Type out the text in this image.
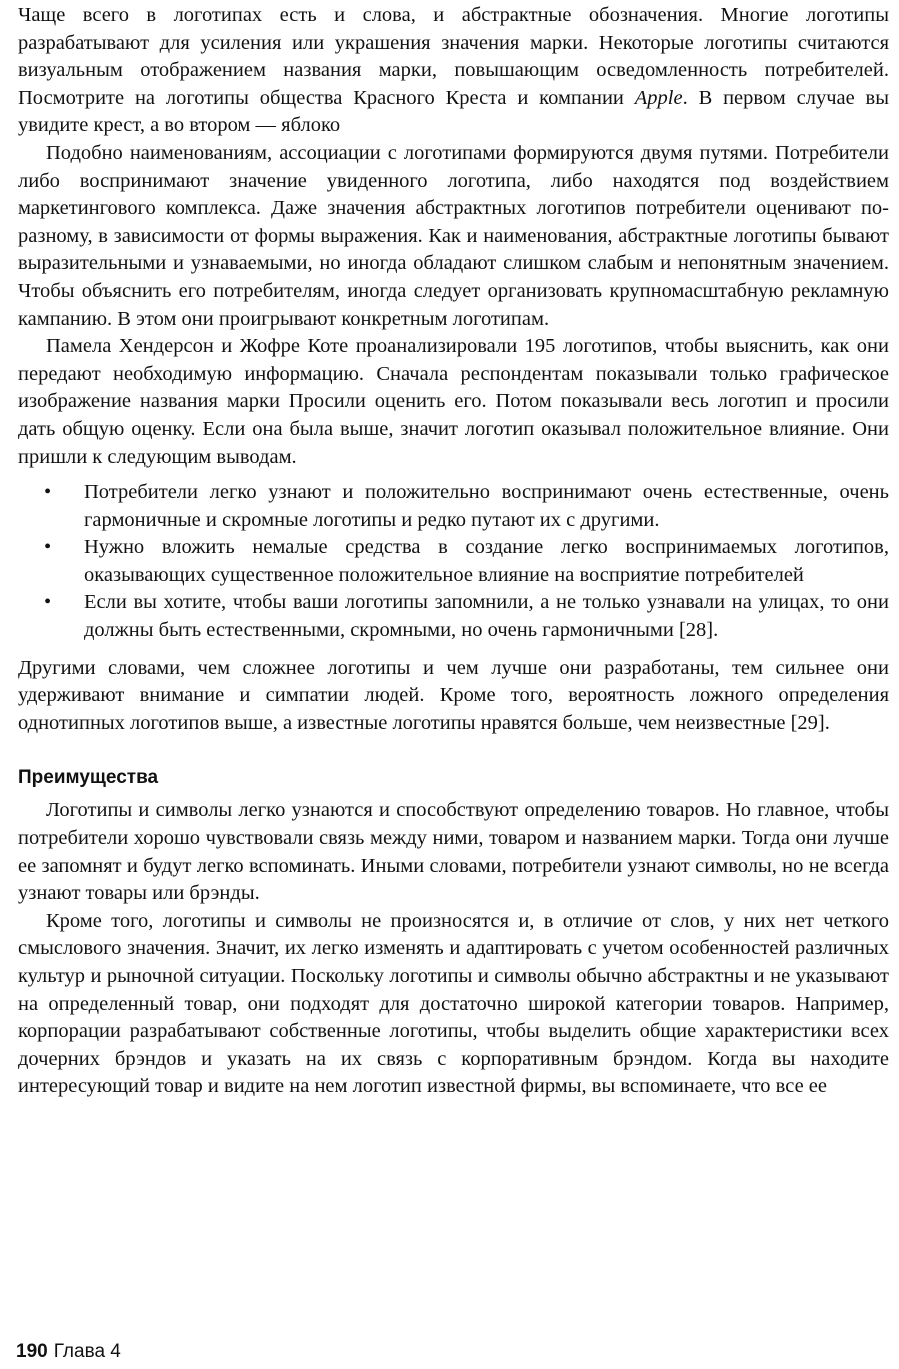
Чаще всего в логотипах есть и слова, и абстрактные обозначения. Многие логотипы разрабатывают для усиления или украшения значения марки. Некоторые логотипы считаются визуальным отображением названия марки, повышающим осведомленность потребителей. Посмотрите на логотипы общества Красного Креста и компании Apple. В первом случае вы увидите крест, а во втором — яблоко

Подобно наименованиям, ассоциации с логотипами формируются двумя путями. Потребители либо воспринимают значение увиденного логотипа, либо находятся под воздействием маркетингового комплекса. Даже значения абстрактных логотипов потребители оценивают по-разному, в зависимости от формы выражения. Как и наименования, абстрактные логотипы бывают выразительными и узнаваемыми, но иногда обладают слишком слабым и непонятным значением. Чтобы объяснить его потребителям, иногда следует организовать крупномасштабную рекламную кампанию. В этом они проигрывают конкретным логотипам.

Памела Хендерсон и Жофре Коте проанализировали 195 логотипов, чтобы выяснить, как они передают необходимую информацию. Сначала респондентам показывали только графическое изображение названия марки Просили оценить его. Потом показывали весь логотип и просили дать общую оценку. Если она была выше, значит логотип оказывал положительное влияние. Они пришли к следующим выводам.

• Потребители легко узнают и положительно воспринимают очень естественные, очень гармоничные и скромные логотипы и редко путают их с другими.
• Нужно вложить немалые средства в создание легко воспринимаемых логотипов, оказывающих существенное положительное влияние на восприятие потребителей
• Если вы хотите, чтобы ваши логотипы запомнили, а не только узнавали на улицах, то они должны быть естественными, скромными, но очень гармоничными [28].

Другими словами, чем сложнее логотипы и чем лучше они разработаны, тем сильнее они удерживают внимание и симпатии людей. Кроме того, вероятность ложного определения однотипных логотипов выше, а известные логотипы нравятся больше, чем неизвестные [29].

Преимущества

Логотипы и символы легко узнаются и способствуют определению товаров. Но главное, чтобы потребители хорошо чувствовали связь между ними, товаром и названием марки. Тогда они лучше ее запомнят и будут легко вспоминать. Иными словами, потребители узнают символы, но не всегда узнают товары или брэнды.

Кроме того, логотипы и символы не произносятся и, в отличие от слов, у них нет четкого смыслового значения. Значит, их легко изменять и адаптировать с учетом особенностей различных культур и рыночной ситуации. Поскольку логотипы и символы обычно абстрактны и не указывают на определенный товар, они подходят для достаточно широкой категории товаров. Например, корпорации разрабатывают собственные логотипы, чтобы выделить общие характеристики всех дочерних брэндов и указать на их связь с корпоративным брэндом. Когда вы находите интересующий товар и видите на нем логотип известной фирмы, вы вспоминаете, что все ее

190 Глава 4
